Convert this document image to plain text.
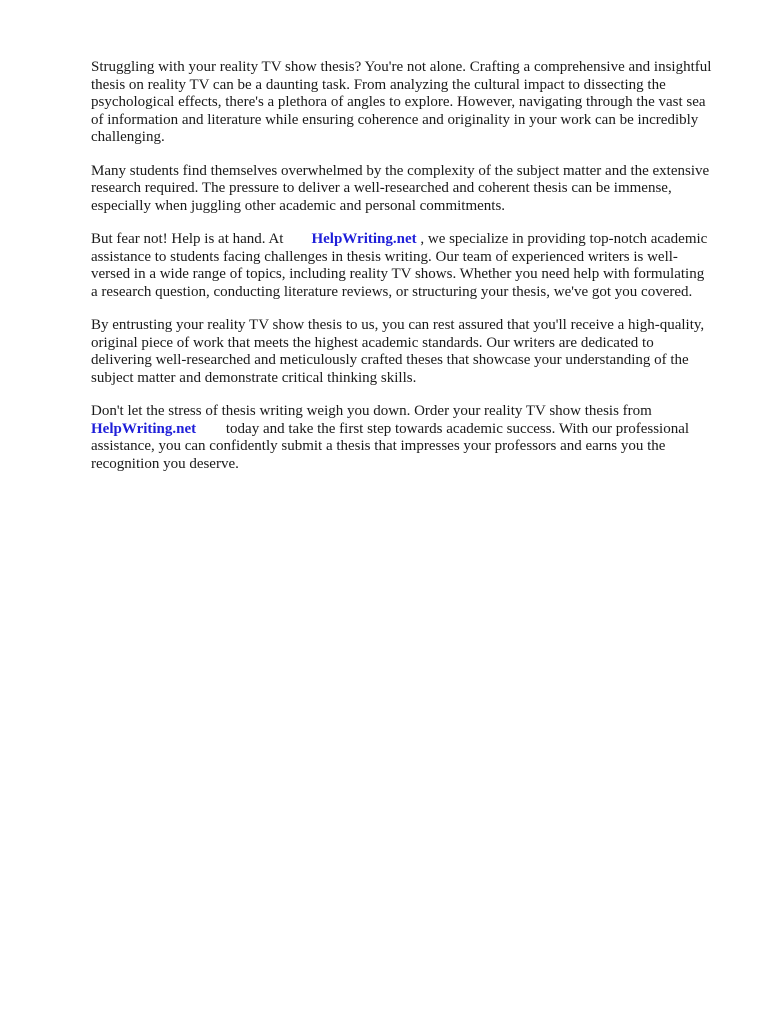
Struggling with your reality TV show thesis? You're not alone. Crafting a comprehensive and insightful thesis on reality TV can be a daunting task. From analyzing the cultural impact to dissecting the psychological effects, there's a plethora of angles to explore. However, navigating through the vast sea of information and literature while ensuring coherence and originality in your work can be incredibly challenging.

Many students find themselves overwhelmed by the complexity of the subject matter and the extensive research required. The pressure to deliver a well-researched and coherent thesis can be immense, especially when juggling other academic and personal commitments.

But fear not! Help is at hand. At HelpWriting.net , we specialize in providing top-notch academic assistance to students facing challenges in thesis writing. Our team of experienced writers is well-versed in a wide range of topics, including reality TV shows. Whether you need help with formulating a research question, conducting literature reviews, or structuring your thesis, we've got you covered.

By entrusting your reality TV show thesis to us, you can rest assured that you'll receive a high-quality, original piece of work that meets the highest academic standards. Our writers are dedicated to delivering well-researched and meticulously crafted theses that showcase your understanding of the subject matter and demonstrate critical thinking skills.

Don't let the stress of thesis writing weigh you down. Order your reality TV show thesis from HelpWriting.net today and take the first step towards academic success. With our professional assistance, you can confidently submit a thesis that impresses your professors and earns you the recognition you deserve.
